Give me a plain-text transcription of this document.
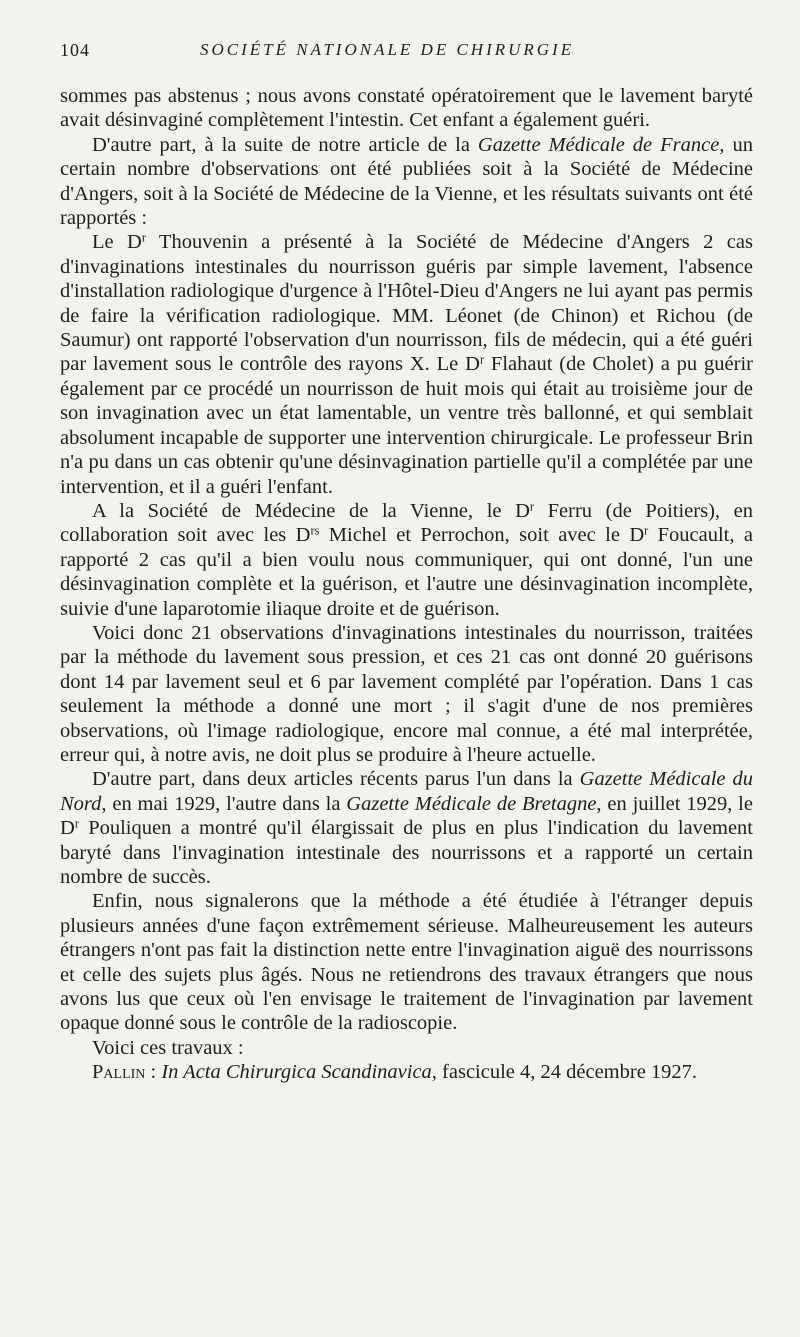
104	SOCIÉTÉ NATIONALE DE CHIRURGIE

sommes pas abstenus ; nous avons constaté opératoirement que le lavement baryté avait désinvaginé complètement l'intestin. Cet enfant a également guéri.

D'autre part, à la suite de notre article de la Gazette Médicale de France, un certain nombre d'observations ont été publiées soit à la Société de Médecine d'Angers, soit à la Société de Médecine de la Vienne, et les résultats suivants ont été rapportés :

Le $D^r$ Thouvenin a présenté à la Société de Médecine d'Angers 2 cas d'invaginations intestinales du nourrisson guéris par simple lavement, l'absence d'installation radiologique d'urgence à l'Hôtel-Dieu d'Angers ne lui ayant pas permis de faire la vérification radiologique. MM. Léonet (de Chinon) et Richou (de Saumur) ont rapporté l'observation d'un nourrisson, fils de médecin, qui a été guéri par lavement sous le contrôle des rayons X. Le $D^r$ Flahaut (de Cholet) a pu guérir également par ce procédé un nourrisson de huit mois qui était au troisième jour de son invagination avec un état lamentable, un ventre très ballonné, et qui semblait absolument incapable de supporter une intervention chirurgicale. Le professeur Brin n'a pu dans un cas obtenir qu'une désinvagination partielle qu'il a complétée par une intervention, et il a guéri l'enfant.

A la Société de Médecine de la Vienne, le $D^r$ Ferru (de Poitiers), en collaboration soit avec les $D^{rs}$ Michel et Perrochon, soit avec le $D^r$ Foucault, a rapporté 2 cas qu'il a bien voulu nous communiquer, qui ont donné, l'un une désinvagination complète et la guérison, et l'autre une désinvagination incomplète, suivie d'une laparotomie iliaque droite et de guérison.

Voici donc 21 observations d'invaginations intestinales du nourrisson, traitées par la méthode du lavement sous pression, et ces 21 cas ont donné 20 guérisons dont 14 par lavement seul et 6 par lavement complété par l'opération. Dans 1 cas seulement la méthode a donné une mort ; il s'agit d'une de nos premières observations, où l'image radiologique, encore mal connue, a été mal interprétée, erreur qui, à notre avis, ne doit plus se produire à l'heure actuelle.

D'autre part, dans deux articles récents parus l'un dans la Gazette Médicale du Nord, en mai 1929, l'autre dans la Gazette Médicale de Bretagne, en juillet 1929, le $D^r$ Pouliquen a montré qu'il élargissait de plus en plus l'indication du lavement baryté dans l'invagination intestinale des nourrissons et a rapporté un certain nombre de succès.

Enfin, nous signalerons que la méthode a été étudiée à l'étranger depuis plusieurs années d'une façon extrêmement sérieuse. Malheureusement les auteurs étrangers n'ont pas fait la distinction nette entre l'invagination aiguë des nourrissons et celle des sujets plus âgés. Nous ne retiendrons des travaux étrangers que nous avons lus que ceux où l'en envisage le traitement de l'invagination par lavement opaque donné sous le contrôle de la radioscopie.

Voici ces travaux :

Pallin : In Acta Chirurgica Scandinavica, fascicule 4, 24 décembre 1927.
